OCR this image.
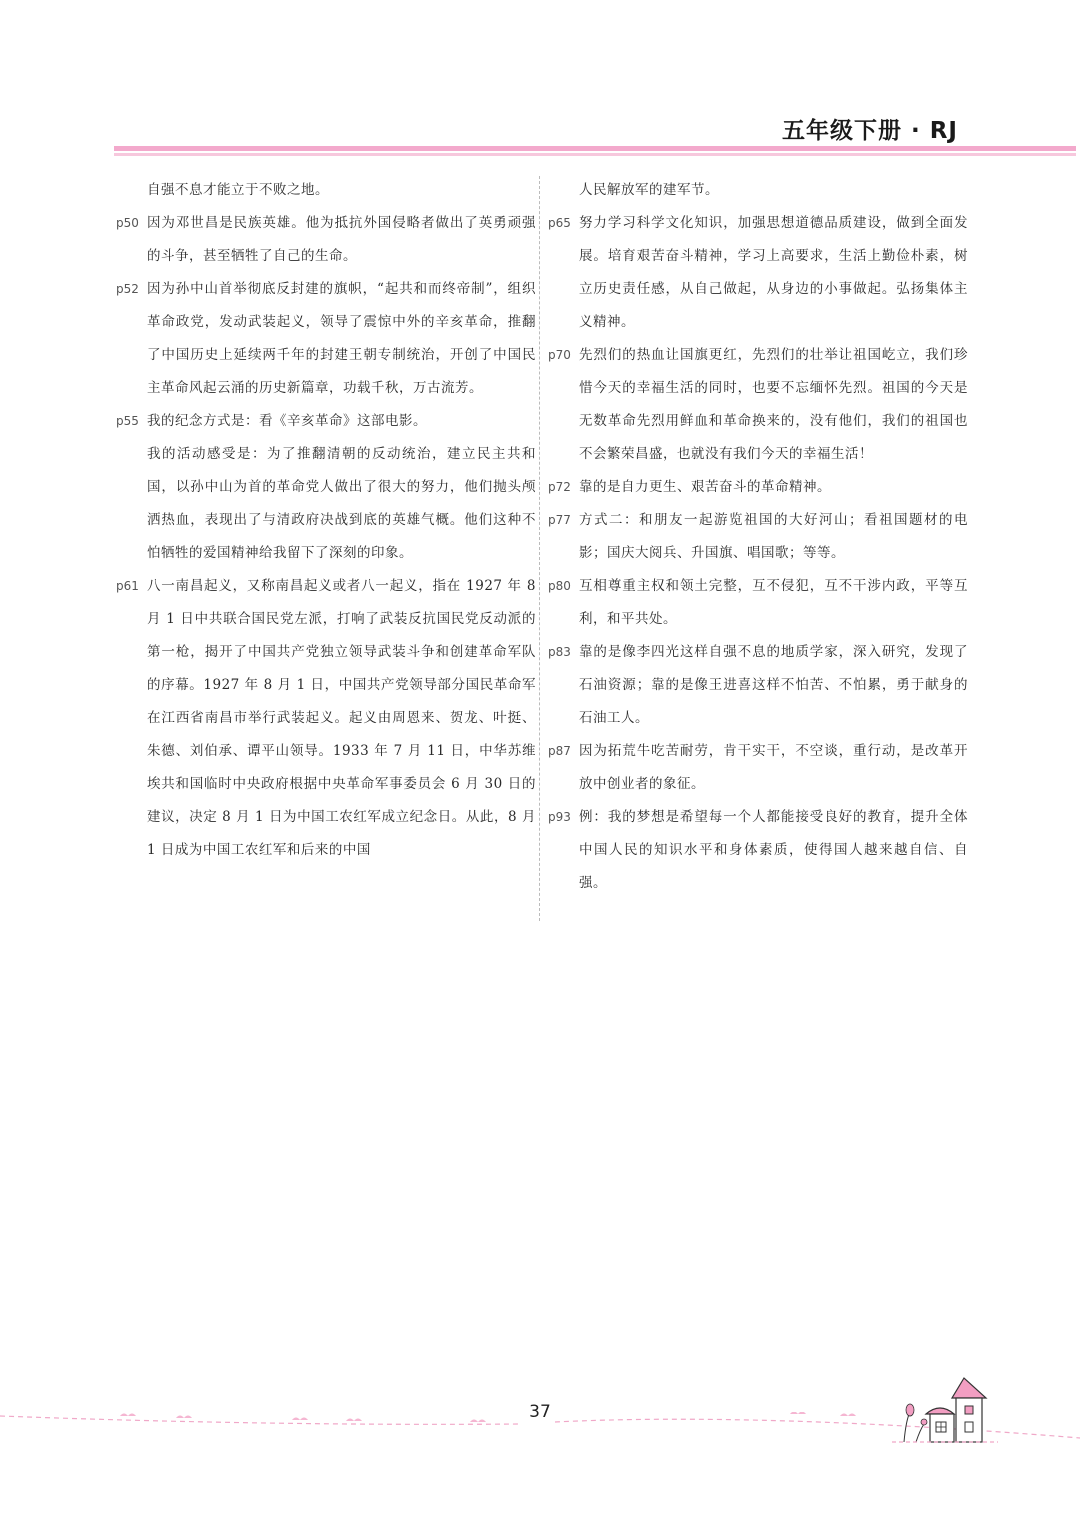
五年级下册 · RJ
自强不息才能立于不败之地。
p50 因为邓世昌是民族英雄。他为抵抗外国侵略者做出了英勇顽强的斗争，甚至牺牲了自己的生命。
p52 因为孙中山首举彻底反封建的旗帜，“起共和而终帝制”，组织革命政党，发动武装起义，领导了震惊中外的辛亥革命，推翻了中国历史上延续两千年的封建王朝专制统治，开创了中国民主革命风起云涌的历史新篇章，功载千秋，万古流芳。
p55 我的纪念方式是：看《辛亥革命》这部电影。
我的活动感受是：为了推翻清朝的反动统治，建立民主共和国，以孙中山为首的革命党人做出了很大的努力，他们抛头颅洒热血，表现出了与清政府决战到底的英雄气概。他们这种不怕牺牲的爱国精神给我留下了深刻的印象。
p61 八一南昌起义，又称南昌起义或者八一起义，指在 1927 年 8 月 1 日中共联合国民党左派，打响了武装反抗国民党反动派的第一枪，揭开了中国共产党独立领导武装斗争和创建革命军队的序幕。1927 年 8 月 1 日，中国共产党领导部分国民革命军在江西省南昌市举行武装起义。起义由周恩来、贺龙、叶挺、朱德、刘伯承、谭平山领导。1933 年 7 月 11 日，中华苏维埃共和国临时中央政府根据中央革命军事委员会 6 月 30 日的建议，决定 8 月 1 日为中国工农红军成立纪念日。从此，8 月 1 日成为中国工农红军和后来的中国
人民解放军的建军节。
p65 努力学习科学文化知识，加强思想道德品质建设，做到全面发展。培育艰苦奋斗精神，学习上高要求，生活上勤俭朴素，树立历史责任感，从自己做起，从身边的小事做起。弘扬集体主义精神。
p70 先烈们的热血让国旗更红，先烈们的壮举让祖国屹立，我们珍惜今天的幸福生活的同时，也要不忘缅怀先烈。祖国的今天是无数革命先烈用鲜血和革命换来的，没有他们，我们的祖国也不会繁荣昌盛，也就没有我们今天的幸福生活！
p72 靠的是自力更生、艰苦奋斗的革命精神。
p77 方式二：和朋友一起游览祖国的大好河山；看祖国题材的电影；国庆大阅兵、升国旗、唱国歌；等等。
p80 互相尊重主权和领土完整，互不侵犯，互不干涉内政，平等互利，和平共处。
p83 靠的是像李四光这样自强不息的地质学家，深入研究，发现了石油资源；靠的是像王进喜这样不怕苦、不怕累，勇于献身的石油工人。
p87 因为拓荒牛吃苦耐劳，肯干实干，不空谈，重行动，是改革开放中创业者的象征。
p93 例：我的梦想是希望每一个人都能接受良好的教育，提升全体中国人民的知识水平和身体素质，使得国人越来越自信、自强。
37
